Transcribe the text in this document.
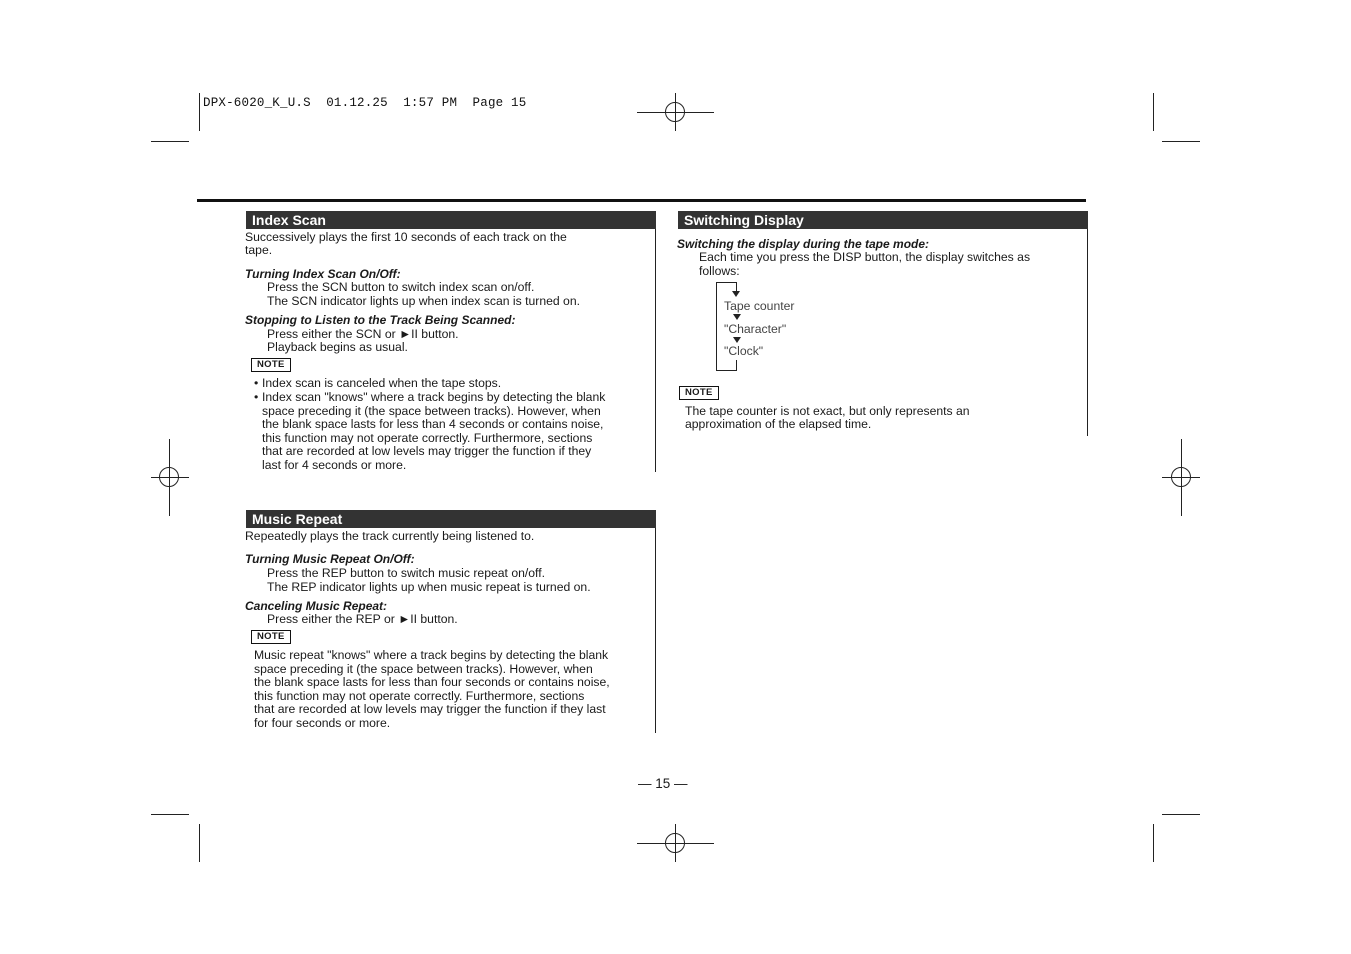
DPX-6020_K_U.S  01.12.25  1:57 PM  Page 15
Index Scan
Successively plays the first 10 seconds of each track on the
tape.
Turning Index Scan On/Off:
Press the SCN button to switch index scan on/off.
The SCN indicator lights up when index scan is turned on.
Stopping to Listen to the Track Being Scanned:
Press either the SCN or ►II button.
Playback begins as usual.
NOTE
• Index scan is canceled when the tape stops.
• Index scan "knows" where a track begins by detecting the blank
space preceding it (the space between tracks). However, when
the blank space lasts for less than 4 seconds or contains noise,
this function may not operate correctly. Furthermore, sections
that are recorded at low levels may trigger the function if they
last for 4 seconds or more.
Music Repeat
Repeatedly plays the track currently being listened to.
Turning Music Repeat On/Off:
Press the REP button to switch music repeat on/off.
The REP indicator lights up when music repeat is turned on.
Canceling Music Repeat:
Press either the REP or ►II button.
NOTE
Music repeat "knows" where a track begins by detecting the blank
space preceding it (the space between tracks). However, when
the blank space lasts for less than four seconds or contains noise,
this function may not operate correctly. Furthermore, sections
that are recorded at low levels may trigger the function if they last
for four seconds or more.
Switching Display
Switching the display during the tape mode:
Each time you press the DISP button, the display switches as
follows:
Tape counter
"Character"
"Clock"
NOTE
The tape counter is not exact, but only represents an
approximation of the elapsed time.
— 15 —
